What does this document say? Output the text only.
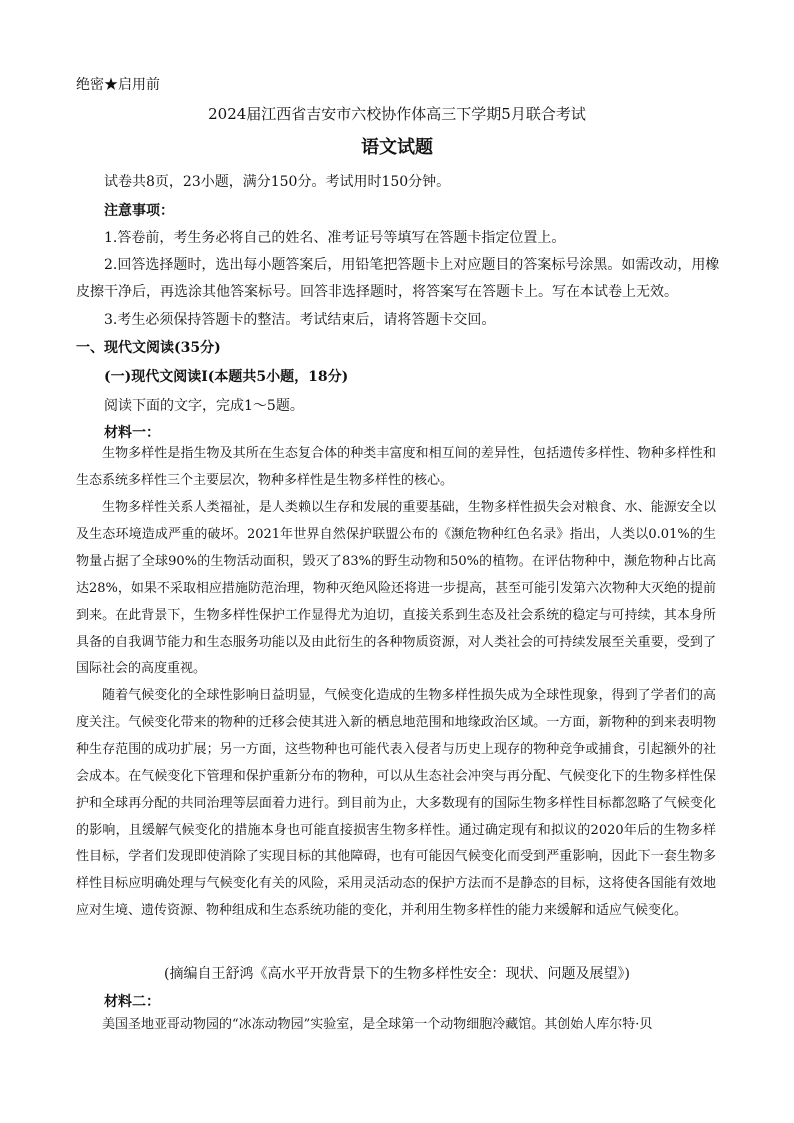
绝密★启用前
2024届江西省吉安市六校协作体高三下学期5月联合考试
语文试题
试卷共8页，23小题，满分150分。考试用时150分钟。
注意事项：
1.答卷前，考生务必将自己的姓名、准考证号等填写在答题卡指定位置上。
2.回答选择题时，选出每小题答案后，用铅笔把答题卡上对应题目的答案标号涂黑。如需改动，用橡
皮擦干净后，再选涂其他答案标号。回答非选择题时，将答案写在答题卡上。写在本试卷上无效。
3.考生必须保持答题卡的整洁。考试结束后，请将答题卡交回。
一、现代文阅读(35分)
(一)现代文阅读Ⅰ(本题共5小题，18分)
阅读下面的文字，完成1～5题。
材料一：
生物多样性是指生物及其所在生态复合体的种类丰富度和相互间的差异性，包括遗传多样性、物种多样性和生态系统多样性三个主要层次，物种多样性是生物多样性的核心。
生物多样性关系人类福祉，是人类赖以生存和发展的重要基础，生物多样性损失会对粮食、水、能源安全以及生态环境造成严重的破坏。2021年世界自然保护联盟公布的《濒危物种红色名录》指出，人类以0.01%的生物量占据了全球90%的生物活动面积，毁灭了83%的野生动物和50%的植物。在评估物种中，濒危物种占比高达28%，如果不采取相应措施防范治理，物种灭绝风险还将进一步提高，甚至可能引发第六次物种大灭绝的提前到来。在此背景下，生物多样性保护工作显得尤为迫切，直接关系到生态及社会系统的稳定与可持续，其本身所具备的自我调节能力和生态服务功能以及由此衍生的各种物质资源，对人类社会的可持续发展至关重要，受到了国际社会的高度重视。
随着气候变化的全球性影响日益明显，气候变化造成的生物多样性损失成为全球性现象，得到了学者们的高度关注。气候变化带来的物种的迁移会使其进入新的栖息地范围和地缘政治区域。一方面，新物种的到来表明物种生存范围的成功扩展；另一方面，这些物种也可能代表入侵者与历史上现存的物种竞争或捕食，引起额外的社会成本。在气候变化下管理和保护重新分布的物种，可以从生态社会冲突与再分配、气候变化下的生物多样性保护和全球再分配的共同治理等层面着力进行。到目前为止，大多数现有的国际生物多样性目标都忽略了气候变化的影响，且缓解气候变化的措施本身也可能直接损害生物多样性。通过确定现有和拟议的2020年后的生物多样性目标，学者们发现即使消除了实现目标的其他障碍，也有可能因气候变化而受到严重影响，因此下一套生物多样性目标应明确处理与气候变化有关的风险，采用灵活动态的保护方法而不是静态的目标，这将使各国能有效地应对生境、遗传资源、物种组成和生态系统功能的变化，并利用生物多样性的能力来缓解和适应气候变化。
(摘编自王舒鸿《高水平开放背景下的生物多样性安全：现状、问题及展望》)
材料二：
美国圣地亚哥动物园的“冰冻动物园”实验室，是全球第一个动物细胞冷藏馆。其创始人库尔特·贝
